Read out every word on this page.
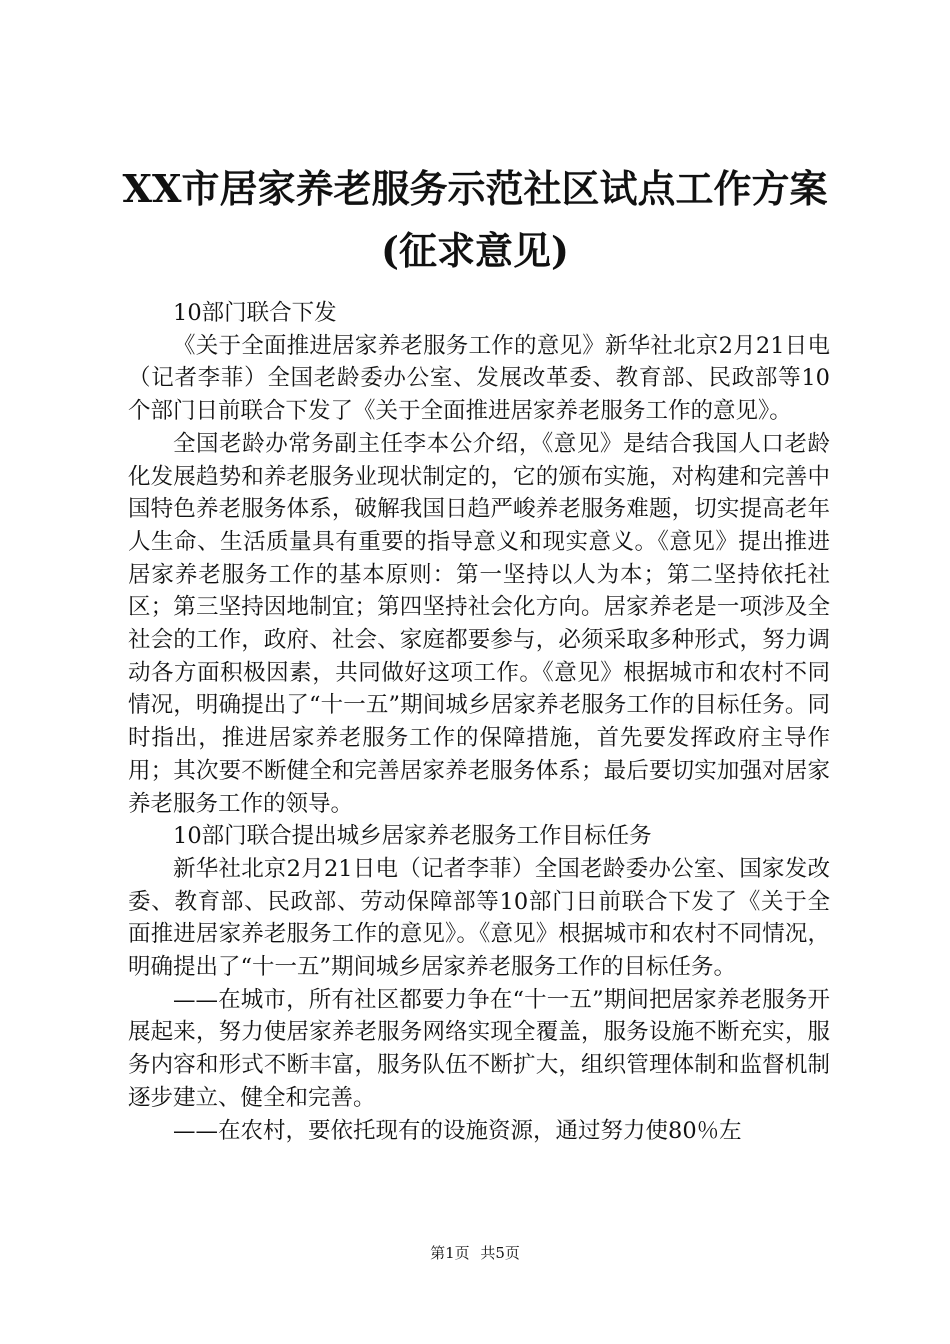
XX市居家养老服务示范社区试点工作方案(征求意见)

10部门联合下发

《关于全面推进居家养老服务工作的意见》新华社北京2月21日电（记者李菲）全国老龄委办公室、发展改革委、教育部、民政部等10个部门日前联合下发了《关于全面推进居家养老服务工作的意见》。

全国老龄办常务副主任李本公介绍，《意见》是结合我国人口老龄化发展趋势和养老服务业现状制定的，它的颁布实施，对构建和完善中国特色养老服务体系，破解我国日趋严峻养老服务难题，切实提高老年人生命、生活质量具有重要的指导意义和现实意义。《意见》提出推进居家养老服务工作的基本原则：第一坚持以人为本；第二坚持依托社区；第三坚持因地制宜；第四坚持社会化方向。居家养老是一项涉及全社会的工作，政府、社会、家庭都要参与，必须采取多种形式，努力调动各方面积极因素，共同做好这项工作。《意见》根据城市和农村不同情况，明确提出了“十一五”期间城乡居家养老服务工作的目标任务。同时指出，推进居家养老服务工作的保障措施，首先要发挥政府主导作用；其次要不断健全和完善居家养老服务体系；最后要切实加强对居家养老服务工作的领导。

10部门联合提出城乡居家养老服务工作目标任务

新华社北京2月21日电（记者李菲）全国老龄委办公室、国家发改委、教育部、民政部、劳动保障部等10部门日前联合下发了《关于全面推进居家养老服务工作的意见》。《意见》根据城市和农村不同情况，明确提出了“十一五”期间城乡居家养老服务工作的目标任务。

——在城市，所有社区都要力争在“十一五”期间把居家养老服务开展起来，努力使居家养老服务网络实现全覆盖，服务设施不断充实，服务内容和形式不断丰富，服务队伍不断扩大，组织管理体制和监督机制逐步建立、健全和完善。

——在农村，要依托现有的设施资源，通过努力使80％左

第1页 共5页
